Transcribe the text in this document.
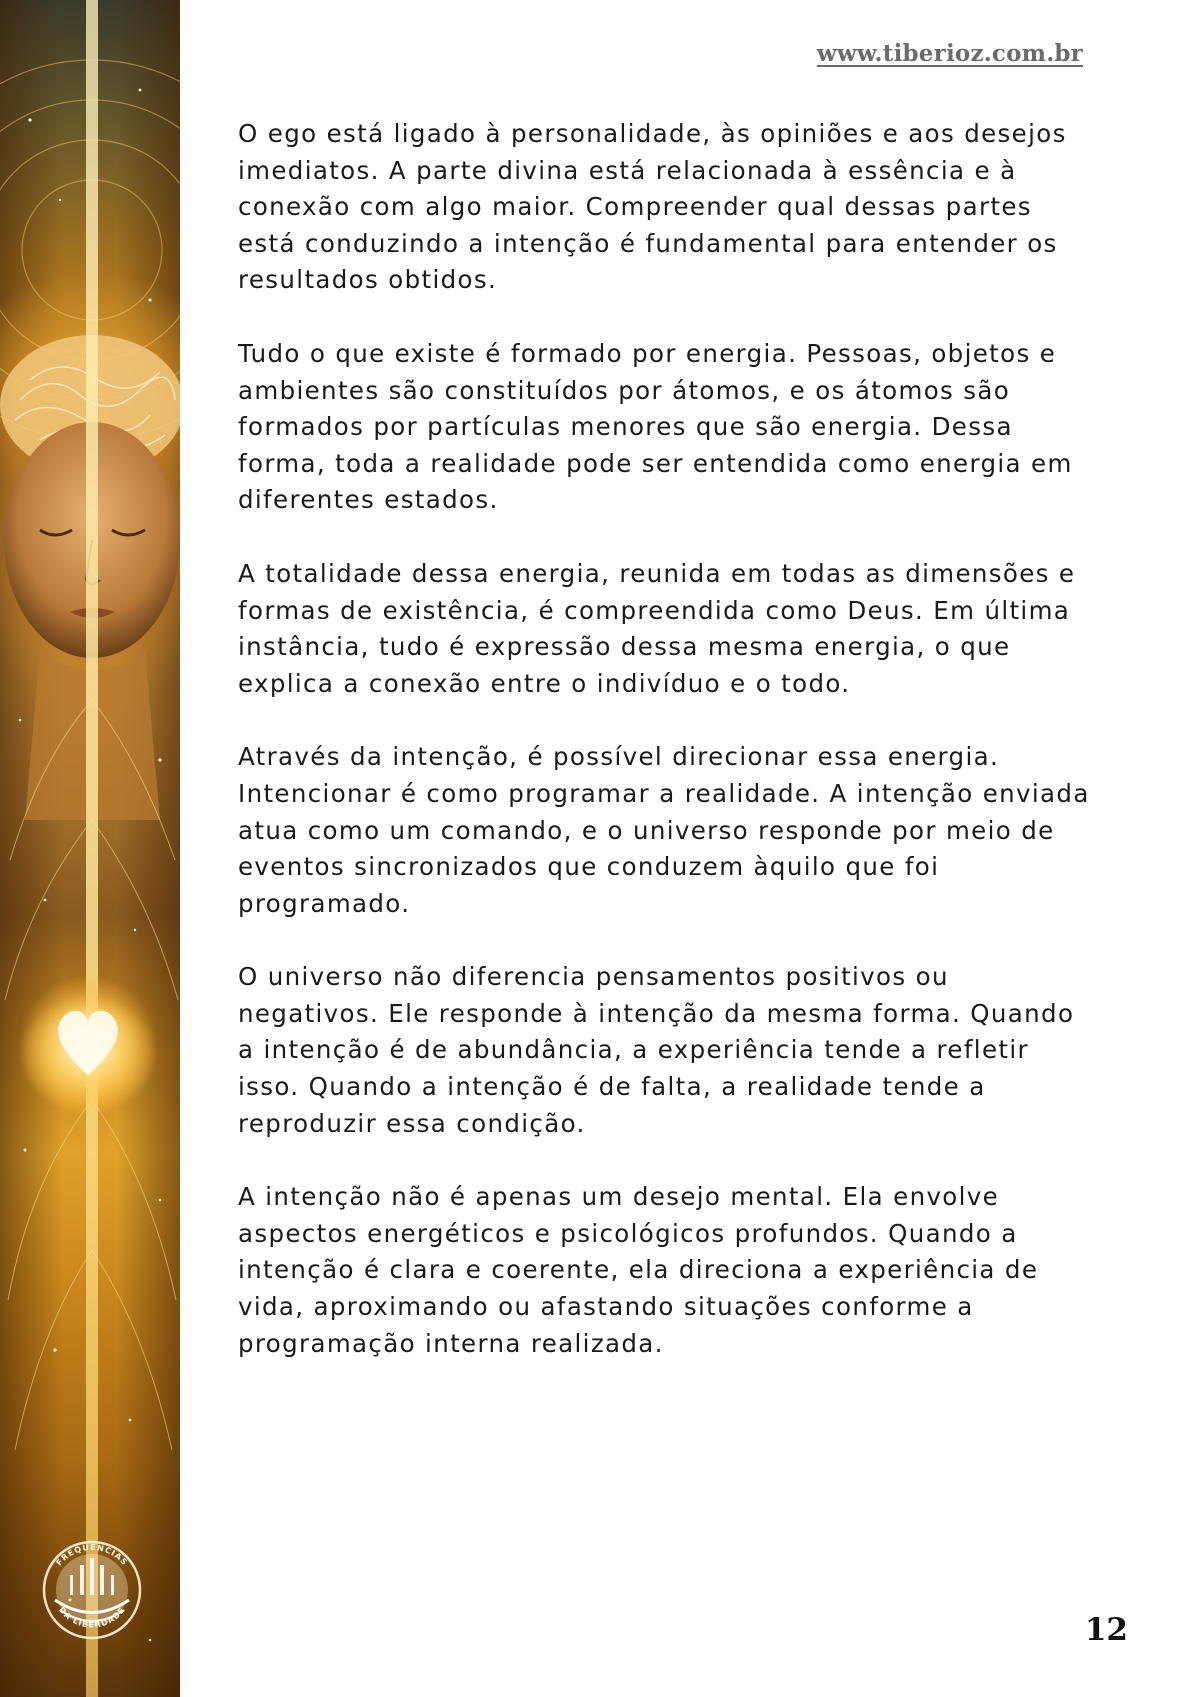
FREQUÊNCIAS
DA LIBERDADE
www.tiberioz.com.br

O ego está ligado à personalidade, às opiniões e aos desejos imediatos. A parte divina está relacionada à essência e à conexão com algo maior. Compreender qual dessas partes está conduzindo a intenção é fundamental para entender os resultados obtidos.

Tudo o que existe é formado por energia. Pessoas, objetos e ambientes são constituídos por átomos, e os átomos são formados por partículas menores que são energia. Dessa forma, toda a realidade pode ser entendida como energia em diferentes estados.

A totalidade dessa energia, reunida em todas as dimensões e formas de existência, é compreendida como Deus. Em última instância, tudo é expressão dessa mesma energia, o que explica a conexão entre o indivíduo e o todo.

Através da intenção, é possível direcionar essa energia. Intencionar é como programar a realidade. A intenção enviada atua como um comando, e o universo responde por meio de eventos sincronizados que conduzem àquilo que foi programado.

O universo não diferencia pensamentos positivos ou negativos. Ele responde à intenção da mesma forma. Quando a intenção é de abundância, a experiência tende a refletir isso. Quando a intenção é de falta, a realidade tende a reproduzir essa condição.

A intenção não é apenas um desejo mental. Ela envolve aspectos energéticos e psicológicos profundos. Quando a intenção é clara e coerente, ela direciona a experiência de vida, aproximando ou afastando situações conforme a programação interna realizada.

12
